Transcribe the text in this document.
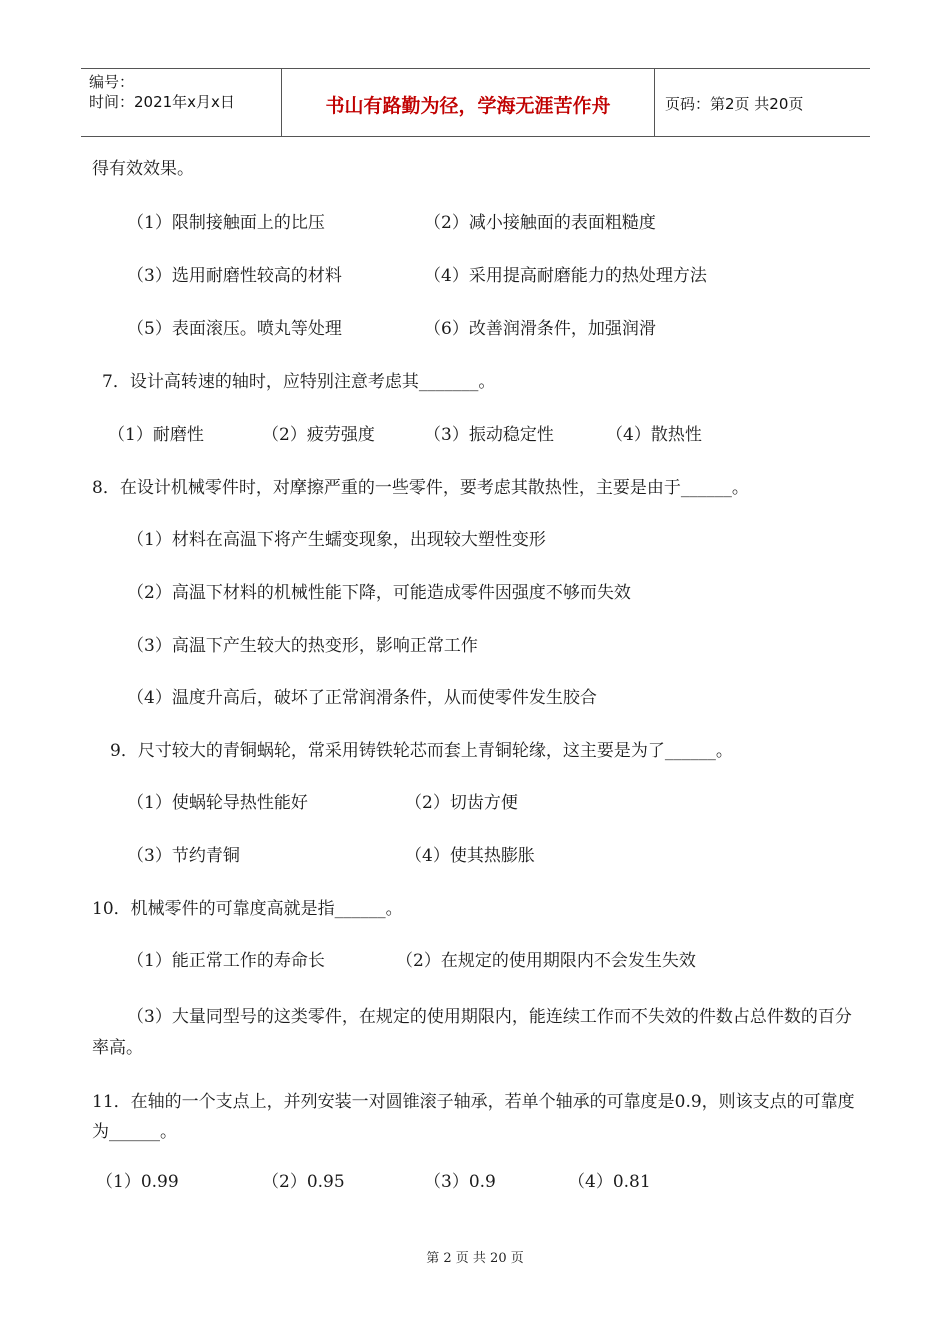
编号：
时间：2021年x月x日	书山有路勤为径，学海无涯苦作舟	页码：第2页 共20页
得有效效果。
（1）限制接触面上的比压	（2）减小接触面的表面粗糙度
（3）选用耐磨性较高的材料	（4）采用提高耐磨能力的热处理方法
（5）表面滚压。喷丸等处理	（6）改善润滑条件，加强润滑
7．设计高转速的轴时，应特别注意考虑其_______。
（1）耐磨性	（2）疲劳强度	（3）振动稳定性	（4）散热性
8．在设计机械零件时，对摩擦严重的一些零件，要考虑其散热性，主要是由于______。
（1）材料在高温下将产生蠕变现象，出现较大塑性变形
（2）高温下材料的机械性能下降，可能造成零件因强度不够而失效
（3）高温下产生较大的热变形，影响正常工作
（4）温度升高后，破坏了正常润滑条件，从而使零件发生胶合
9．尺寸较大的青铜蜗轮，常采用铸铁轮芯而套上青铜轮缘，这主要是为了______。
（1）使蜗轮导热性能好	（2）切齿方便
（3）节约青铜	（4）使其热膨胀
10．机械零件的可靠度高就是指______。
（1）能正常工作的寿命长	（2）在规定的使用期限内不会发生失效
（3）大量同型号的这类零件，在规定的使用期限内，能连续工作而不失效的件数占总件数的百分率高。
11．在轴的一个支点上，并列安装一对圆锥滚子轴承，若单个轴承的可靠度是0.9，则该支点的可靠度为______。
（1）0.99	（2）0.95	（3）0.9	（4）0.81
第 2 页 共 20 页
